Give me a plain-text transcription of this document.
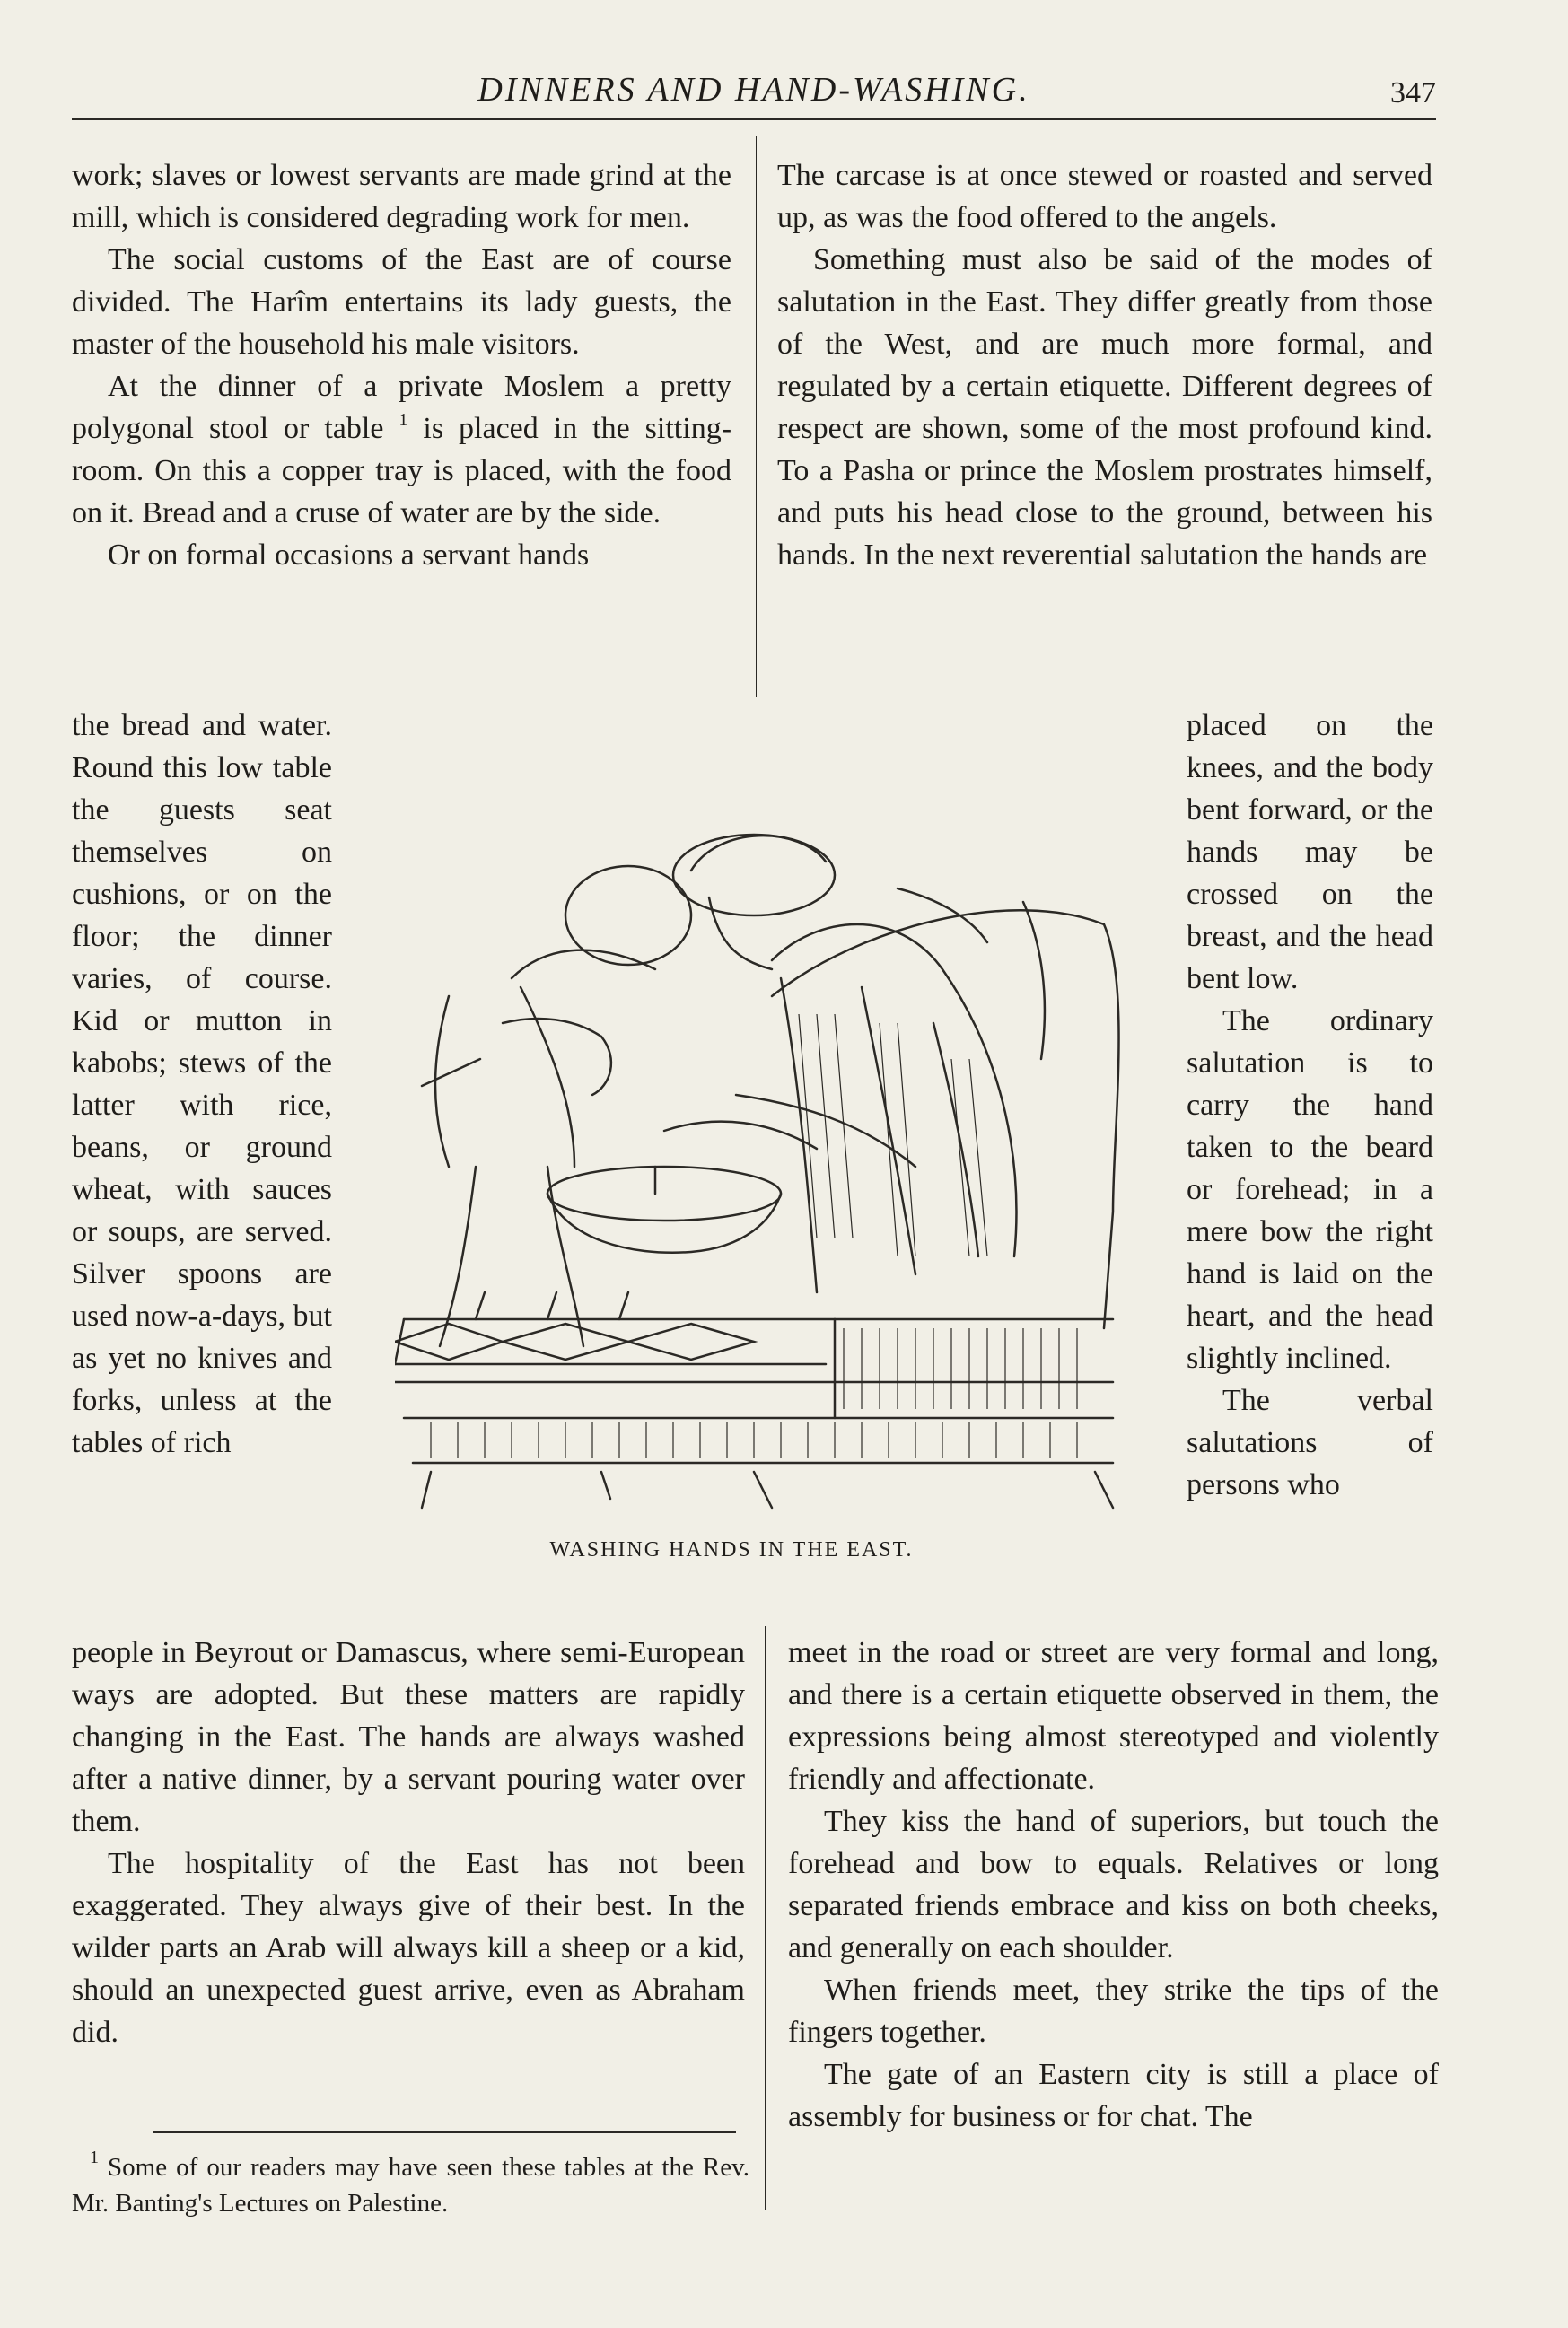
DINNERS AND HAND-WASHING.	347

work; slaves or lowest servants are made grind at the mill, which is considered degrading work for men.

The social customs of the East are of course divided. The Harîm entertains its lady guests, the master of the household his male visitors.

At the dinner of a private Moslem a pretty polygonal stool or table $^1$ is placed in the sitting-room. On this a copper tray is placed, with the food on it. Bread and a cruse of water are by the side.

Or on formal occasions a servant hands

the bread and water. Round this low table the guests seat themselves on cushions, or on the floor; the dinner varies, of course. Kid or mutton in kabobs; stews of the latter with rice, beans, or ground wheat, with sauces or soups, are served. Silver spoons are used now-a-days, but as yet no knives and forks, unless at the tables of rich

people in Beyrout or Damascus, where semi-European ways are adopted. But these matters are rapidly changing in the East. The hands are always washed after a native dinner, by a servant pouring water over them.

The hospitality of the East has not been exaggerated. They always give of their best. In the wilder parts an Arab will always kill a sheep or a kid, should an unexpected guest arrive, even as Abraham did.

The carcase is at once stewed or roasted and served up, as was the food offered to the angels.

Something must also be said of the modes of salutation in the East. They differ greatly from those of the West, and are much more formal, and regulated by a certain etiquette. Different degrees of respect are shown, some of the most profound kind. To a Pasha or prince the Moslem prostrates himself, and puts his head close to the ground, between his hands. In the next reverential salutation the hands are

placed on the knees, and the body bent forward, or the hands may be crossed on the breast, and the head bent low.

The ordinary salutation is to carry the hand taken to the beard or forehead; in a mere bow the right hand is laid on the heart, and the head slightly inclined.

The verbal salutations of persons who

meet in the road or street are very formal and long, and there is a certain etiquette observed in them, the expressions being almost stereotyped and violently friendly and affectionate.

They kiss the hand of superiors, but touch the forehead and bow to equals. Relatives or long separated friends embrace and kiss on both cheeks, and generally on each shoulder.

When friends meet, they strike the tips of the fingers together.

The gate of an Eastern city is still a place of assembly for business or for chat. The

WASHING HANDS IN THE EAST.

$^1$ Some of our readers may have seen these tables at the Rev. Mr. Banting's Lectures on Palestine.
